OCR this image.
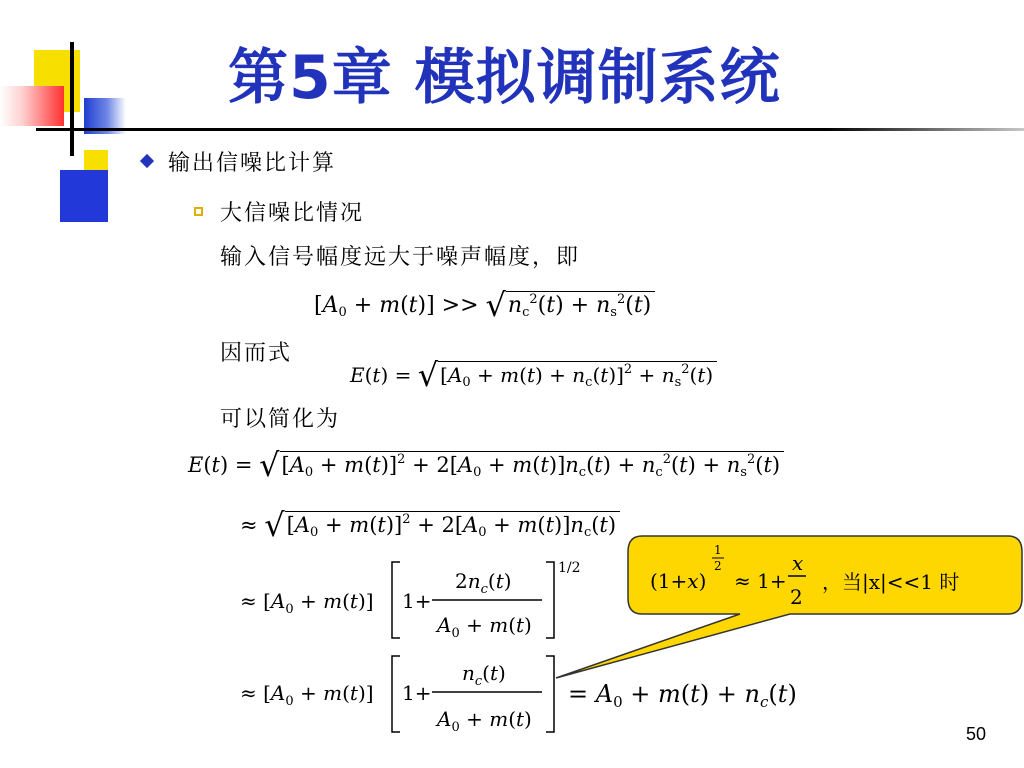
第5章 模拟调制系统
输出信噪比计算
大信噪比情况
输入信号幅度远大于噪声幅度，即
$[A_0 + m(t)] >> √n_c^2(t) + n_s^2(t)$
因而式
E(t) = √ $[A_0 + m(t) + n_c(t)]^2 + n_s^2(t)$
可以简化为
$E(t) = √[A_0 + m(t)]^2 + 2[A_0 + m(t)]n_c(t) + n_c^2(t) + n_s^2(t)$
≈ $√[A_0 + m(t)]^2 + 2[A_0 + m(t)]n_c(t)$
≈ $[A_0 + m(t)]$ 1+
$2n_c(t)$
$A_0 + m(t)$
1/2
≈ $[A_0 + m(t)]$ 1+
$n_c(t)$
$A_0 + m(t)$
= $A_0 + m(t) + n_c(t)$
(1+x)
1
2
≈ 1+
x
2
，当|x|<<1 时
50
